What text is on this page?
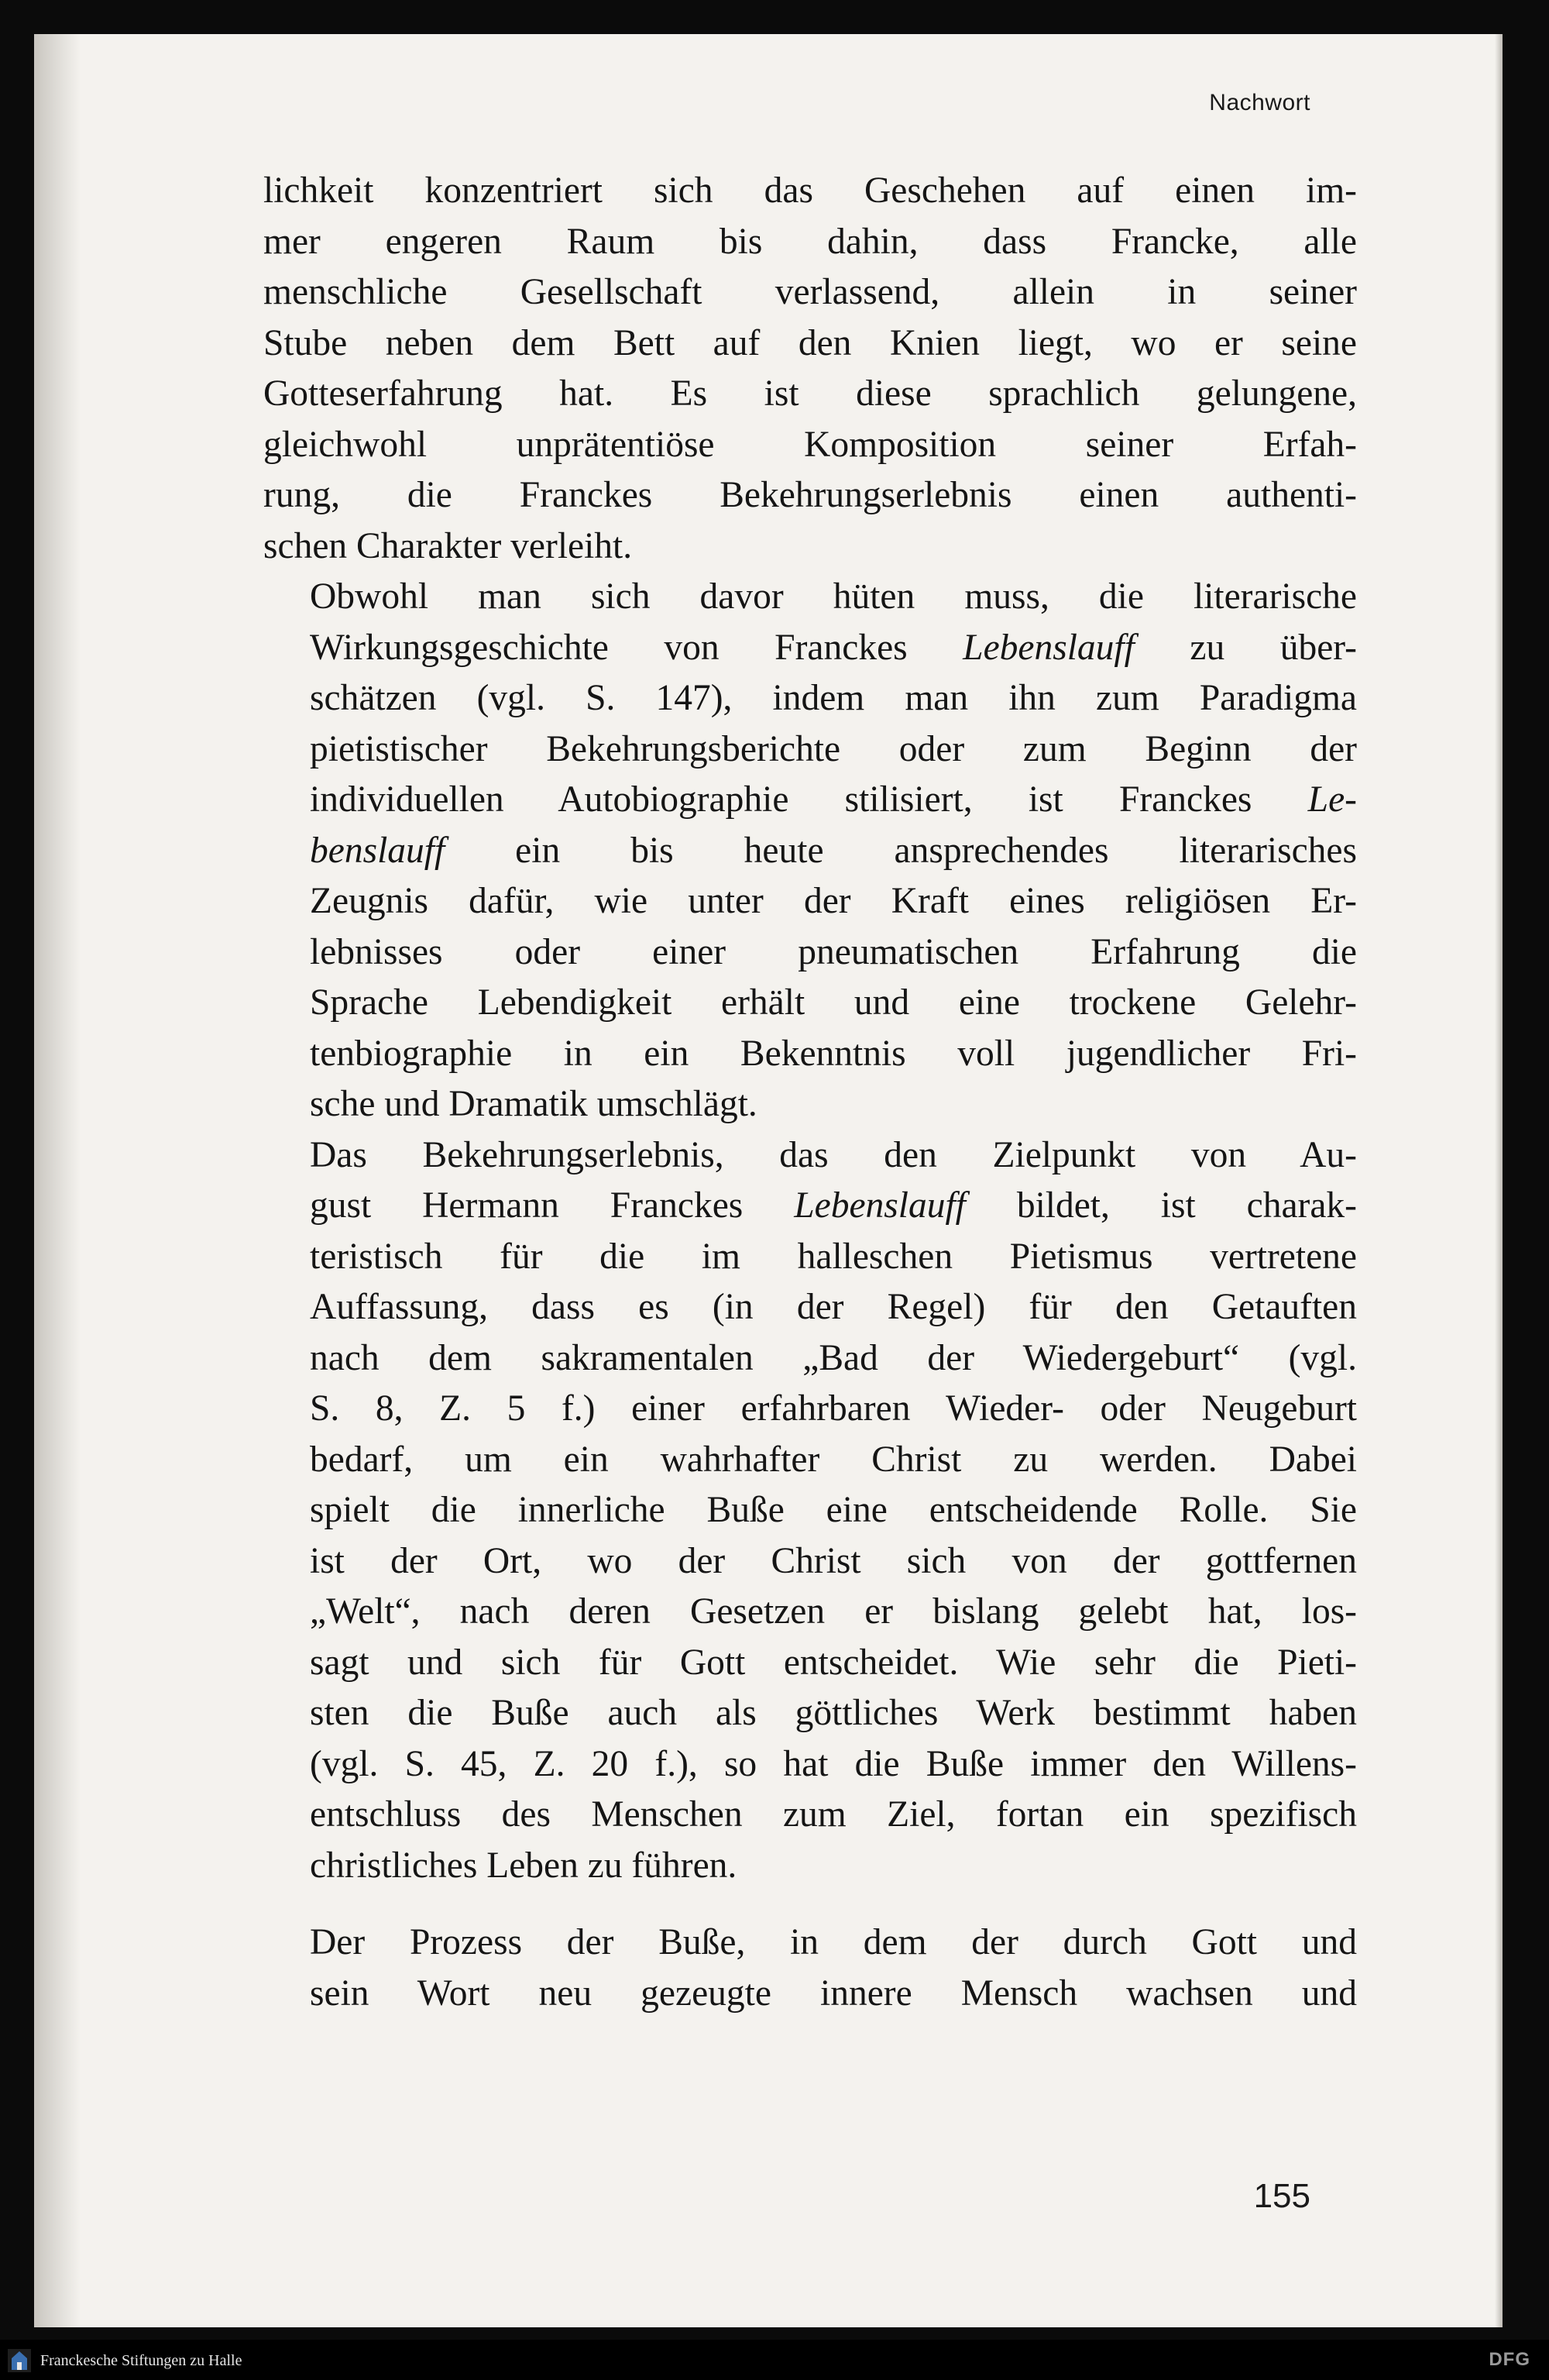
Nachwort

lichkeit konzentriert sich das Geschehen auf einen im-
mer engeren Raum bis dahin, dass Francke, alle
menschliche Gesellschaft verlassend, allein in seiner
Stube neben dem Bett auf den Knien liegt, wo er seine
Gotteserfahrung hat. Es ist diese sprachlich gelungene,
gleichwohl unprätentiöse Komposition seiner Erfah-
rung, die Franckes Bekehrungserlebnis einen authenti-
schen Charakter verleiht.

Obwohl man sich davor hüten muss, die literarische
Wirkungsgeschichte von Franckes Lebenslauff zu über-
schätzen (vgl. S. 147), indem man ihn zum Paradigma
pietistischer Bekehrungsberichte oder zum Beginn der
individuellen Autobiographie stilisiert, ist Franckes Le-
benslauff ein bis heute ansprechendes literarisches
Zeugnis dafür, wie unter der Kraft eines religiösen Er-
lebnisses oder einer pneumatischen Erfahrung die
Sprache Lebendigkeit erhält und eine trockene Gelehr-
tenbiographie in ein Bekenntnis voll jugendlicher Fri-
sche und Dramatik umschlägt.

Das Bekehrungserlebnis, das den Zielpunkt von Au-
gust Hermann Franckes Lebenslauff bildet, ist charak-
teristisch für die im halleschen Pietismus vertretene
Auffassung, dass es (in der Regel) für den Getauften
nach dem sakramentalen „Bad der Wiedergeburt“ (vgl.
S. 8, Z. 5 f.) einer erfahrbaren Wieder- oder Neugeburt
bedarf, um ein wahrhafter Christ zu werden. Dabei
spielt die innerliche Buße eine entscheidende Rolle. Sie
ist der Ort, wo der Christ sich von der gottfernen
„Welt“, nach deren Gesetzen er bislang gelebt hat, los-
sagt und sich für Gott entscheidet. Wie sehr die Pieti-
sten die Buße auch als göttliches Werk bestimmt haben
(vgl. S. 45, Z. 20 f.), so hat die Buße immer den Willens-
entschluss des Menschen zum Ziel, fortan ein spezifisch
christliches Leben zu führen.

Der Prozess der Buße, in dem der durch Gott und
sein Wort neu gezeugte innere Mensch wachsen und

155
Franckesche Stiftungen zu Halle	DFG
